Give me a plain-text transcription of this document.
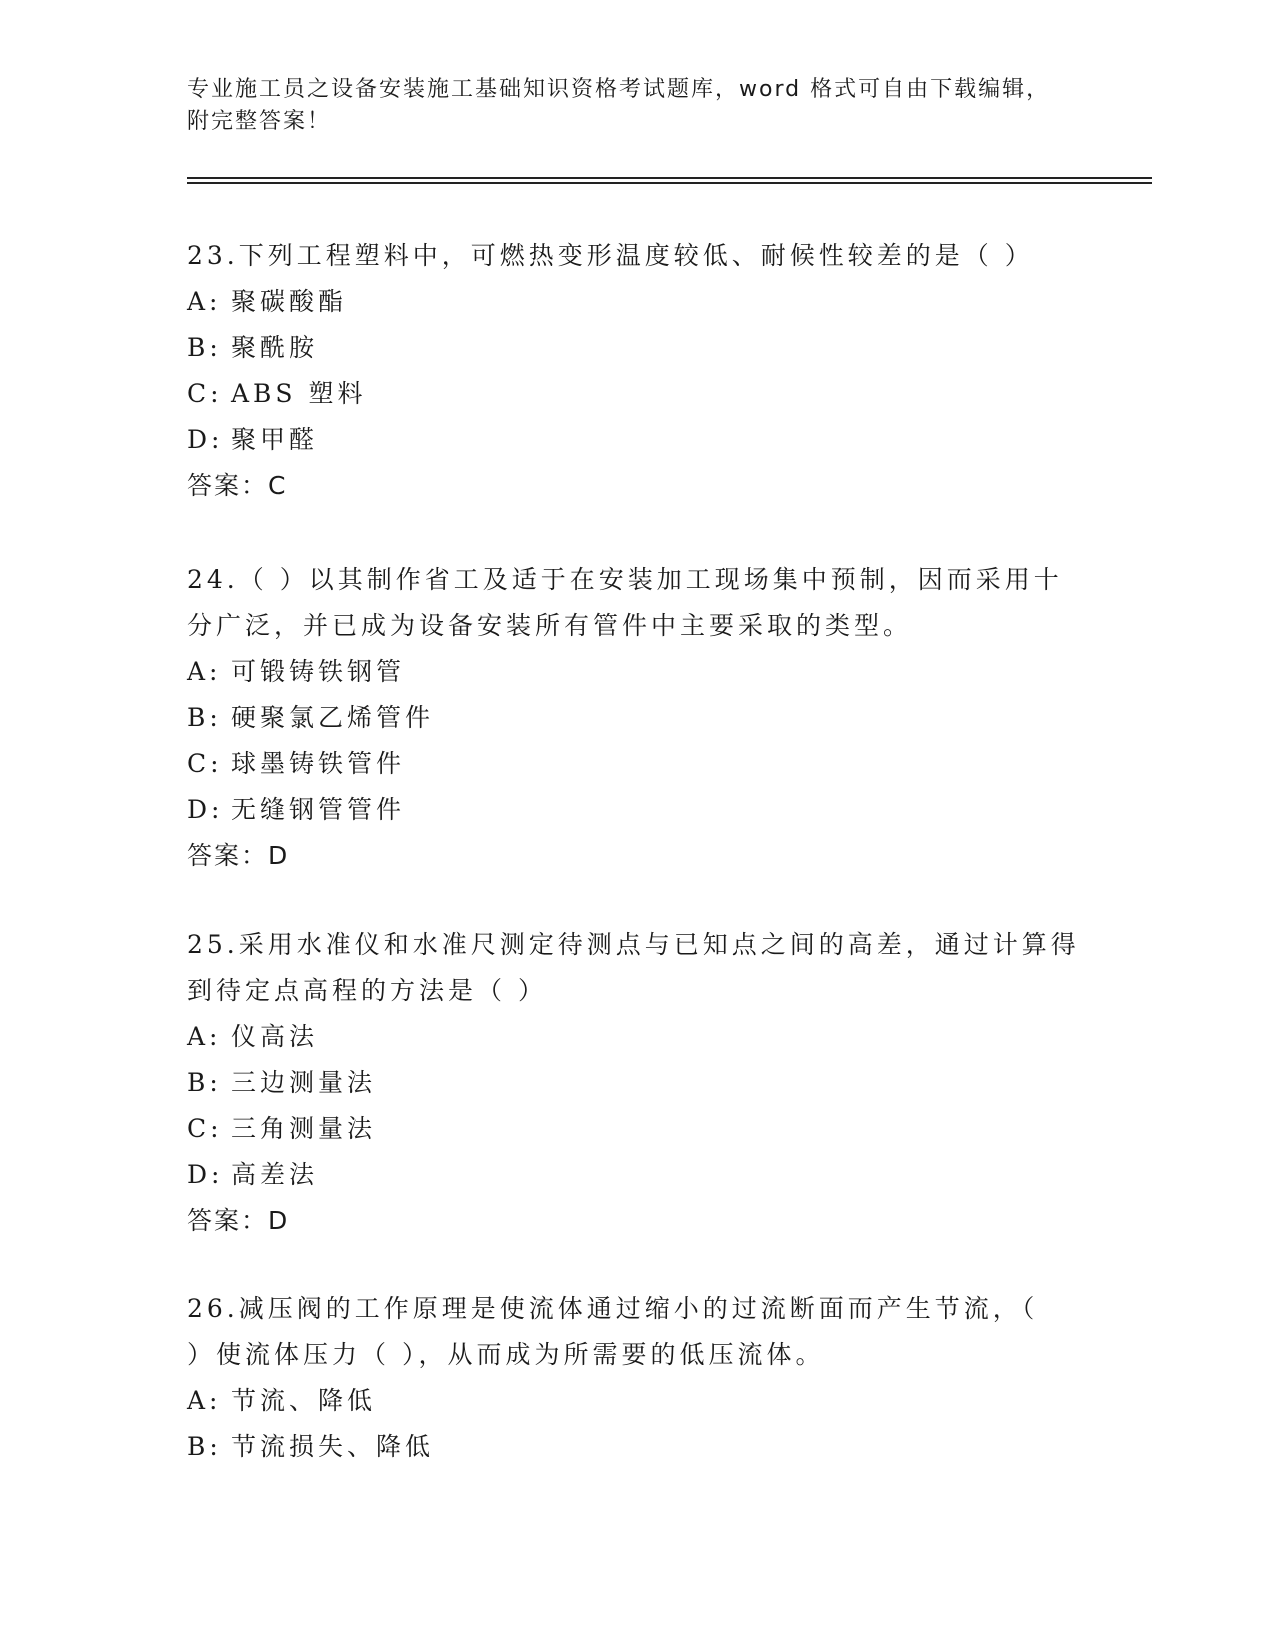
专业施工员之设备安装施工基础知识资格考试题库，word 格式可自由下载编辑，
附完整答案！
23.下列工程塑料中，可燃热变形温度较低、耐候性较差的是（ ）
A: 聚碳酸酯
B: 聚酰胺
C: ABS 塑料
D: 聚甲醛
答案：C
24.（ ）以其制作省工及适于在安装加工现场集中预制，因而采用十
分广泛，并已成为设备安装所有管件中主要采取的类型。
A: 可锻铸铁钢管
B: 硬聚氯乙烯管件
C: 球墨铸铁管件
D: 无缝钢管管件
答案：D
25.采用水准仪和水准尺测定待测点与已知点之间的高差，通过计算得
到待定点高程的方法是（ ）
A: 仪高法
B: 三边测量法
C: 三角测量法
D: 高差法
答案：D
26.减压阀的工作原理是使流体通过缩小的过流断面而产生节流，（
）使流体压力（ ），从而成为所需要的低压流体。
A: 节流、降低
B: 节流损失、降低
